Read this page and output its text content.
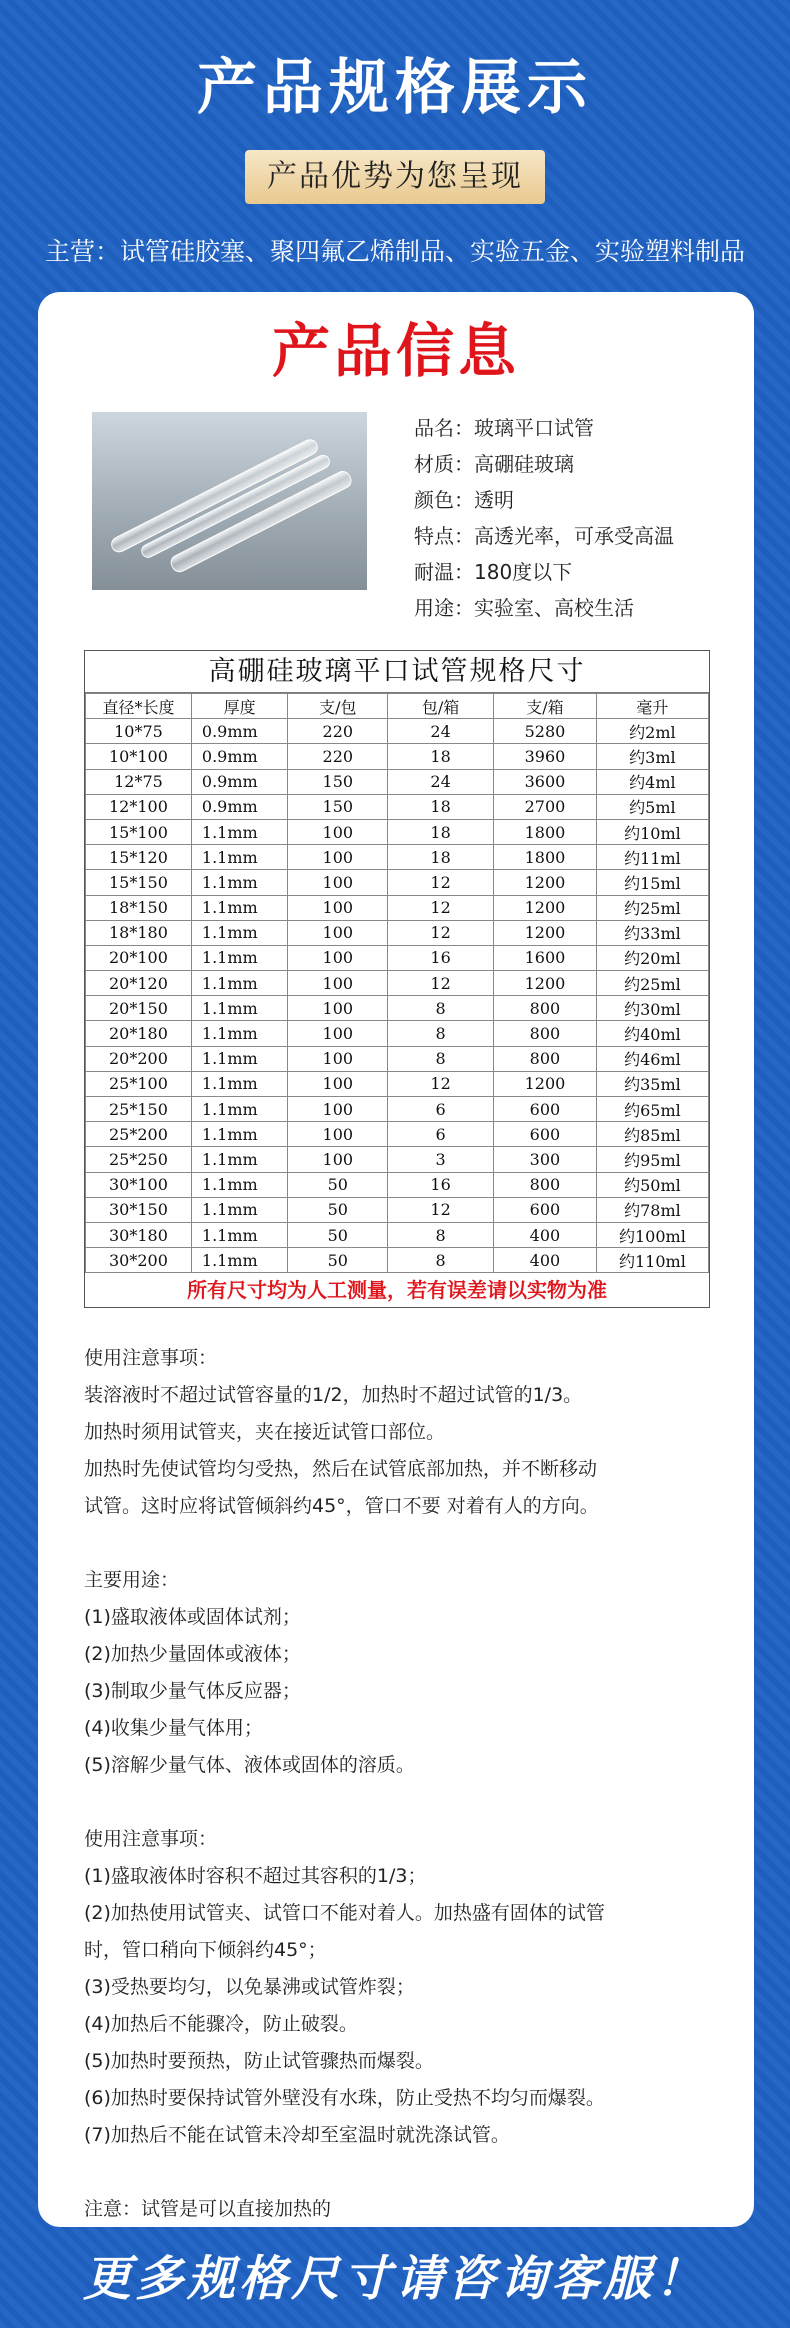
产品规格展示
产品优势为您呈现
主营：试管硅胶塞、聚四氟乙烯制品、实验五金、实验塑料制品
产品信息
品名：玻璃平口试管
材质：高硼硅玻璃
颜色：透明
特点：高透光率，可承受高温
耐温：180度以下
用途：实验室、高校生活
高硼硅玻璃平口试管规格尺寸
直径*长度	厚度	支/包	包/箱	支/箱	毫升
10*75	0.9mm	220	24	5280	约2ml
10*100	0.9mm	220	18	3960	约3ml
12*75	0.9mm	150	24	3600	约4ml
12*100	0.9mm	150	18	2700	约5ml
15*100	1.1mm	100	18	1800	约10ml
15*120	1.1mm	100	18	1800	约11ml
15*150	1.1mm	100	12	1200	约15ml
18*150	1.1mm	100	12	1200	约25ml
18*180	1.1mm	100	12	1200	约33ml
20*100	1.1mm	100	16	1600	约20ml
20*120	1.1mm	100	12	1200	约25ml
20*150	1.1mm	100	8	800	约30ml
20*180	1.1mm	100	8	800	约40ml
20*200	1.1mm	100	8	800	约46ml
25*100	1.1mm	100	12	1200	约35ml
25*150	1.1mm	100	6	600	约65ml
25*200	1.1mm	100	6	600	约85ml
25*250	1.1mm	100	3	300	约95ml
30*100	1.1mm	50	16	800	约50ml
30*150	1.1mm	50	12	600	约78ml
30*180	1.1mm	50	8	400	约100ml
30*200	1.1mm	50	8	400	约110ml
所有尺寸均为人工测量，若有误差请以实物为准
使用注意事项：
装溶液时不超过试管容量的1/2，加热时不超过试管的1/3。
加热时须用试管夹，夹在接近试管口部位。
加热时先使试管均匀受热，然后在试管底部加热，并不断移动
试管。这时应将试管倾斜约45°，管口不要 对着有人的方向。
主要用途：
(1)盛取液体或固体试剂；
(2)加热少量固体或液体；
(3)制取少量气体反应器；
(4)收集少量气体用；
(5)溶解少量气体、液体或固体的溶质。
使用注意事项：
(1)盛取液体时容积不超过其容积的1/3；
(2)加热使用试管夹、试管口不能对着人。加热盛有固体的试管
时，管口稍向下倾斜约45°；
(3)受热要均匀，以免暴沸或试管炸裂；
(4)加热后不能骤冷，防止破裂。
(5)加热时要预热，防止试管骤热而爆裂。
(6)加热时要保持试管外壁没有水珠，防止受热不均匀而爆裂。
(7)加热后不能在试管未冷却至室温时就洗涤试管。
注意：试管是可以直接加热的
更多规格尺寸请咨询客服！
